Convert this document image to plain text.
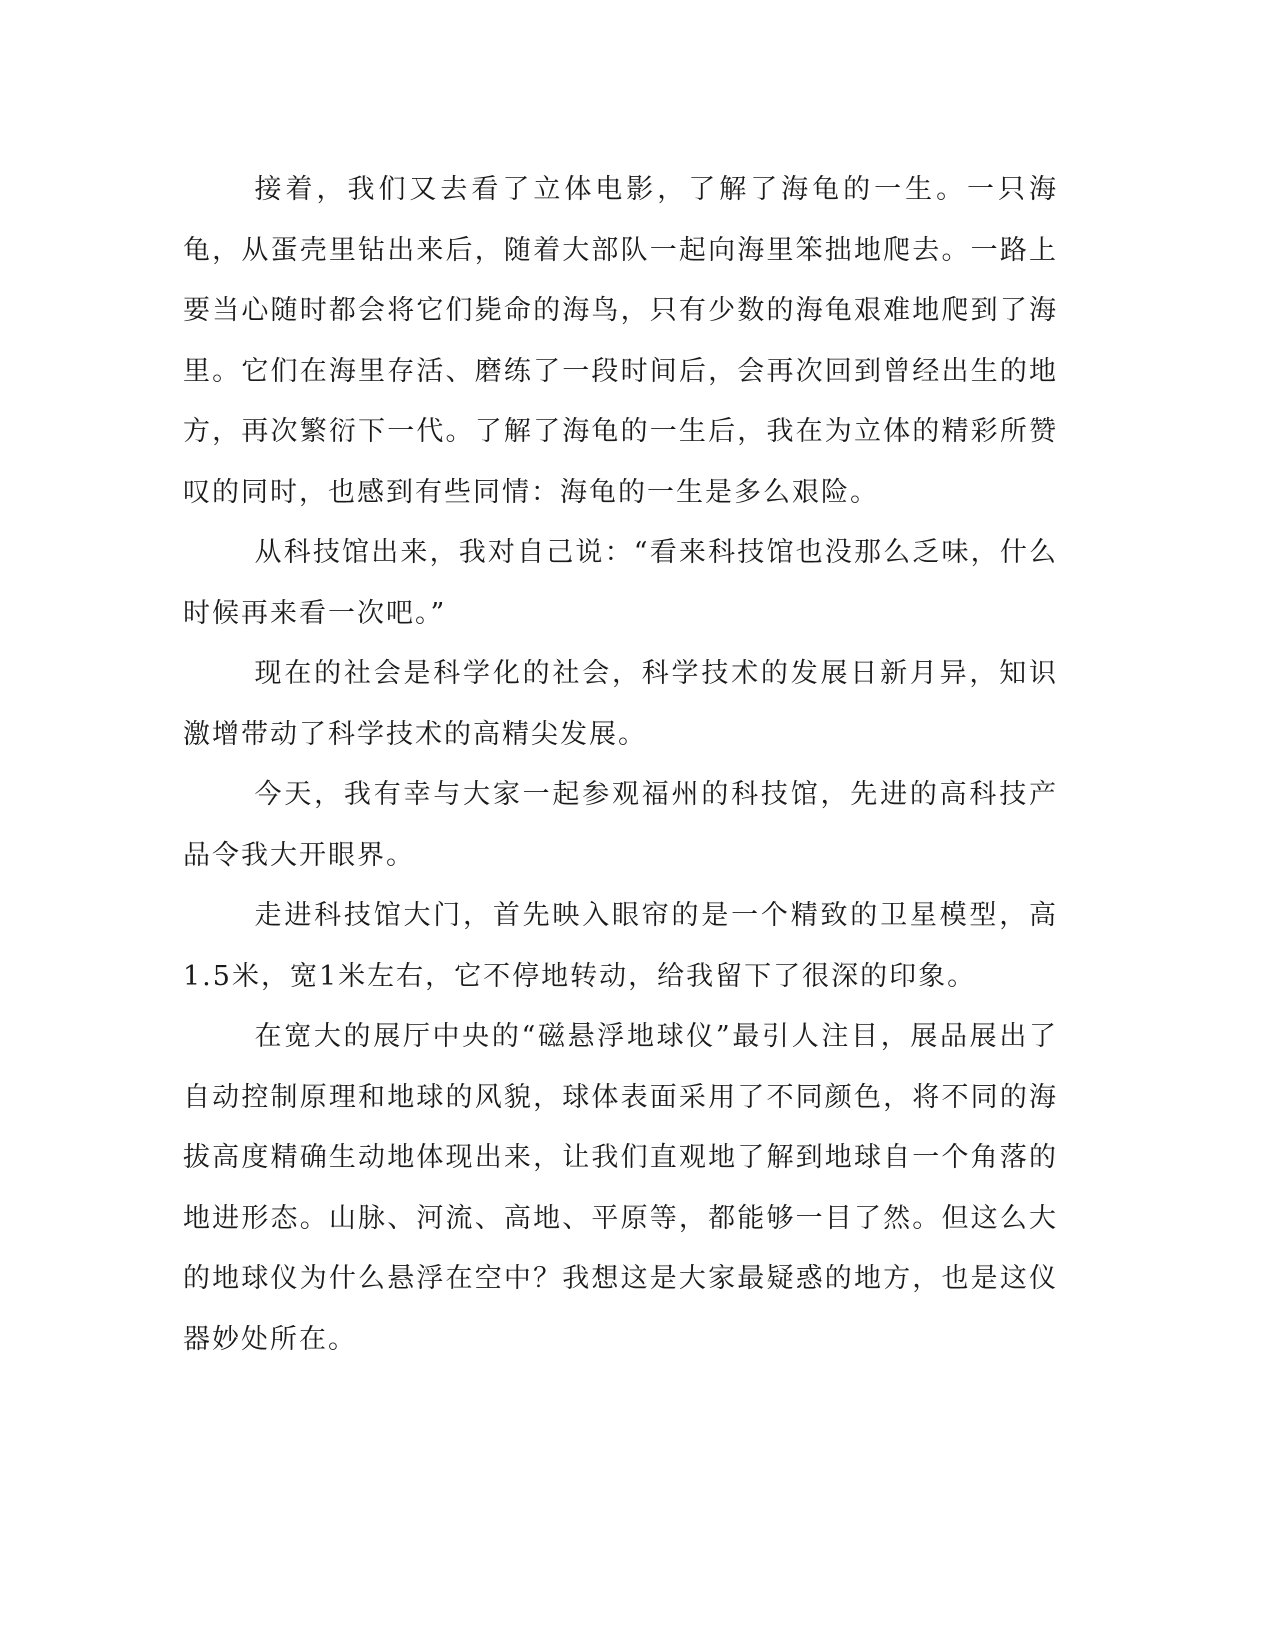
接着，我们又去看了立体电影，了解了海龟的一生。一只海龟，从蛋壳里钻出来后，随着大部队一起向海里笨拙地爬去。一路上要当心随时都会将它们毙命的海鸟，只有少数的海龟艰难地爬到了海里。它们在海里存活、磨练了一段时间后，会再次回到曾经出生的地方，再次繁衍下一代。了解了海龟的一生后，我在为立体的精彩所赞叹的同时，也感到有些同情：海龟的一生是多么艰险。

从科技馆出来，我对自己说：“看来科技馆也没那么乏味，什么时候再来看一次吧。”

现在的社会是科学化的社会，科学技术的发展日新月异，知识激增带动了科学技术的高精尖发展。

今天，我有幸与大家一起参观福州的科技馆，先进的高科技产品令我大开眼界。

走进科技馆大门，首先映入眼帘的是一个精致的卫星模型，高1.5米，宽1米左右，它不停地转动，给我留下了很深的印象。

在宽大的展厅中央的“磁悬浮地球仪”最引人注目，展品展出了自动控制原理和地球的风貌，球体表面采用了不同颜色，将不同的海拔高度精确生动地体现出来，让我们直观地了解到地球自一个角落的地进形态。山脉、河流、高地、平原等，都能够一目了然。但这么大的地球仪为什么悬浮在空中？我想这是大家最疑惑的地方，也是这仪器妙处所在。
